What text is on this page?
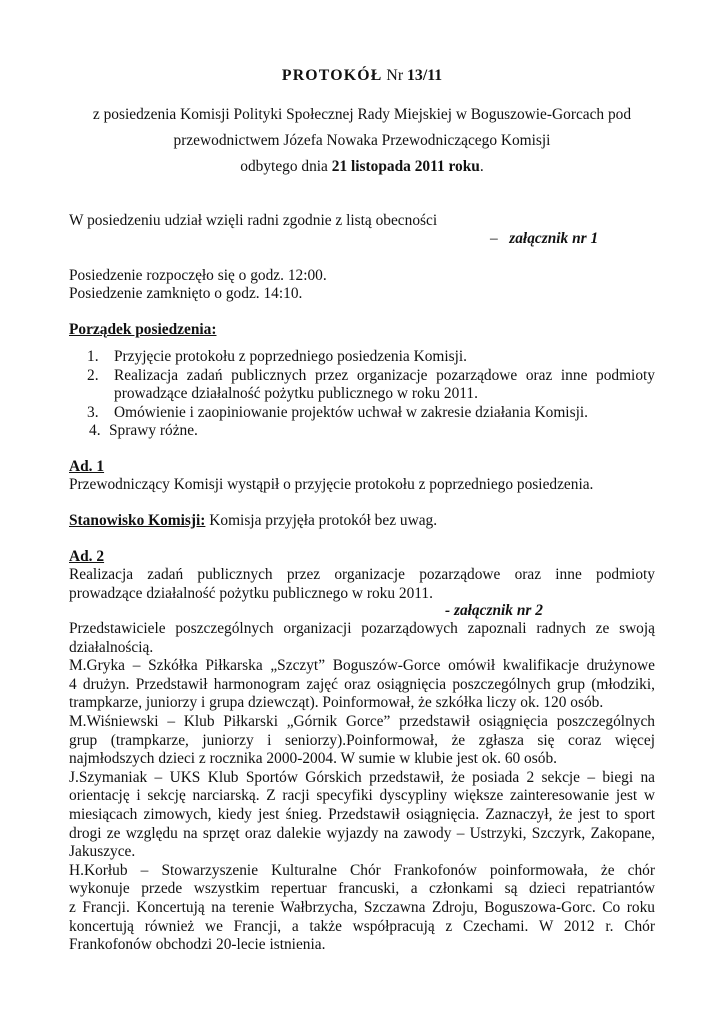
PROTOKÓŁ Nr 13/11
z posiedzenia Komisji Polityki Społecznej Rady Miejskiej w Boguszowie-Gorcach pod
przewodnictwem Józefa Nowaka Przewodniczącego Komisji
odbytego dnia 21 listopada 2011 roku.
W posiedzeniu udział wzięli radni zgodnie z listą obecności
– załącznik nr 1
Posiedzenie rozpoczęło się o godz. 12:00.
Posiedzenie zamknięto o godz. 14:10.
Porządek posiedzenia:
1. Przyjęcie protokołu z poprzedniego posiedzenia Komisji.
2. Realizacja zadań publicznych przez organizacje pozarządowe oraz inne podmioty
prowadzące działalność pożytku publicznego w roku 2011.
3. Omówienie i zaopiniowanie projektów uchwał w zakresie działania Komisji.
4. Sprawy różne.
Ad. 1
Przewodniczący Komisji wystąpił o przyjęcie protokołu z poprzedniego posiedzenia.
Stanowisko Komisji: Komisja przyjęła protokół bez uwag.
Ad. 2
Realizacja zadań publicznych przez organizacje pozarządowe oraz inne podmioty
prowadzące działalność pożytku publicznego w roku 2011.
- załącznik nr 2
Przedstawiciele poszczególnych organizacji pozarządowych zapoznali radnych ze swoją
działalnością.
M.Gryka – Szkółka Piłkarska „Szczyt” Boguszów-Gorce omówił kwalifikacje drużynowe
4 drużyn. Przedstawił harmonogram zajęć oraz osiągnięcia poszczególnych grup (młodziki,
trampkarze, juniorzy i grupa dziewcząt). Poinformował, że szkółka liczy ok. 120 osób.
M.Wiśniewski – Klub Piłkarski „Górnik Gorce” przedstawił osiągnięcia poszczególnych
grup (trampkarze, juniorzy i seniorzy).Poinformował, że zgłasza się coraz więcej
najmłodszych dzieci z rocznika 2000-2004. W sumie w klubie jest ok. 60 osób.
J.Szymaniak – UKS Klub Sportów Górskich przedstawił, że posiada 2 sekcje – biegi na
orientację i sekcję narciarską. Z racji specyfiki dyscypliny większe zainteresowanie jest w
miesiącach zimowych, kiedy jest śnieg. Przedstawił osiągnięcia. Zaznaczył, że jest to sport
drogi ze względu na sprzęt oraz dalekie wyjazdy na zawody – Ustrzyki, Szczyrk, Zakopane,
Jakuszyce.
H.Korłub – Stowarzyszenie Kulturalne Chór Frankofonów poinformowała, że chór
wykonuje przede wszystkim repertuar francuski, a członkami są dzieci repatriantów
z Francji. Koncertują na terenie Wałbrzycha, Szczawna Zdroju, Boguszowa-Gorc. Co roku
koncertują również we Francji, a także współpracują z Czechami. W 2012 r. Chór
Frankofonów obchodzi 20-lecie istnienia.
